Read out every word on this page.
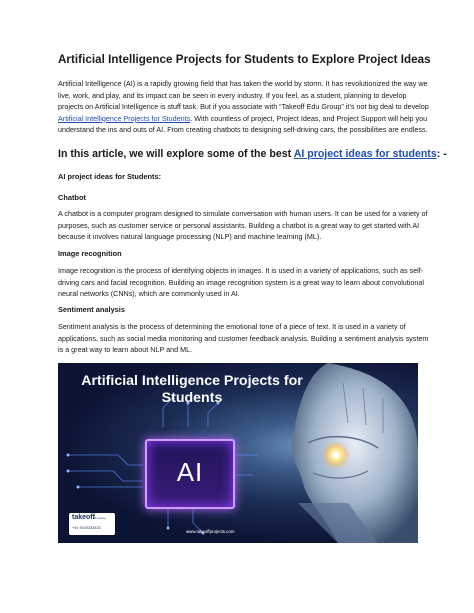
Artificial Intelligence Projects for Students to Explore Project Ideas

Artificial Intelligence (AI) is a rapidly growing field that has taken the world by storm. It has revolutionized the way we live, work, and play, and its impact can be seen in every industry. If you feel, as a student, planning to develop projects on Artificial Intelligence is stuff task. But if you associate with “Takeoff Edu Group” it’s not big deal to develop Artificial Intelligence Projects for Students. With countless of project, Project Ideas, and Project Support will help you understand the ins and outs of AI. From creating chatbots to designing self-driving cars, the possibilities are endless.

In this article, we will explore some of the best AI project ideas for students: -
AI project ideas for Students:
Chatbot

A chatbot is a computer program designed to simulate conversation with human users. It can be used for a variety of purposes, such as customer service or personal assistants. Building a chatbot is a great way to get started with AI because it involves natural language processing (NLP) and machine learning (ML).

Image recognition

Image recognition is the process of identifying objects in images. It is used in a variety of applications, such as self-driving cars and facial recognition. Building an image recognition system is a great way to learn about convolutional neural networks (CNNs), which are commonly used in AI.

Sentiment analysis

Sentiment analysis is the process of determining the emotional tone of a piece of text. It is used in a variety of applications, such as social media monitoring and customer feedback analysis. Building a sentiment analysis system is a great way to learn about NLP and ML.

Artificial Intelligence Projects for Students
AI
takeoff
edu group
+91 9030333433
www.takeoffprojects.com
